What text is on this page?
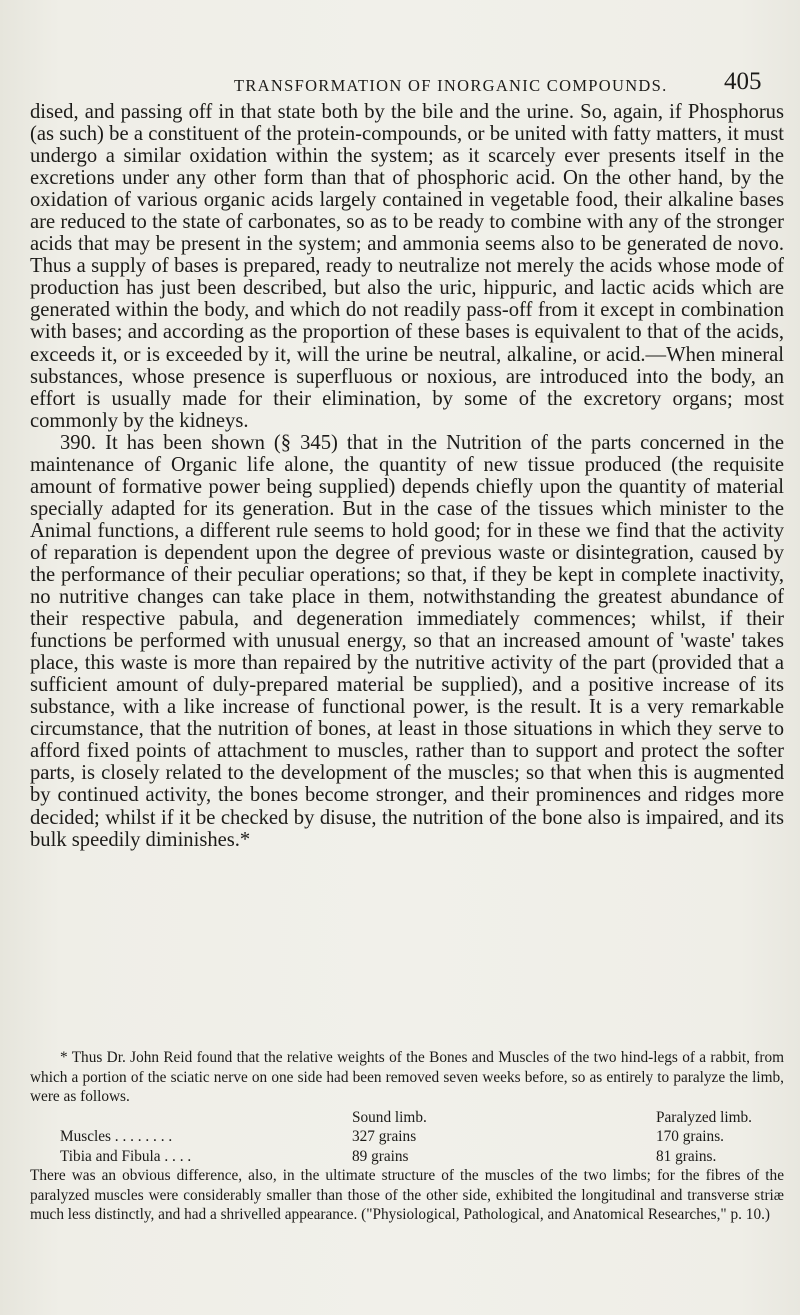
TRANSFORMATION OF INORGANIC COMPOUNDS. 405

dised, and passing off in that state both by the bile and the urine. So, again, if Phosphorus (as such) be a constituent of the protein-compounds, or be united with fatty matters, it must undergo a similar oxidation within the system; as it scarcely ever presents itself in the excretions under any other form than that of phosphoric acid. On the other hand, by the oxidation of various organic acids largely contained in vegetable food, their alkaline bases are reduced to the state of carbonates, so as to be ready to combine with any of the stronger acids that may be present in the system; and ammonia seems also to be generated de novo. Thus a supply of bases is prepared, ready to neutralize not merely the acids whose mode of production has just been described, but also the uric, hippuric, and lactic acids which are generated within the body, and which do not readily pass-off from it except in combination with bases; and according as the proportion of these bases is equivalent to that of the acids, exceeds it, or is exceeded by it, will the urine be neutral, alkaline, or acid.—When mineral substances, whose presence is superfluous or noxious, are introduced into the body, an effort is usually made for their elimination, by some of the excretory organs; most commonly by the kidneys.

390. It has been shown (§ 345) that in the Nutrition of the parts concerned in the maintenance of Organic life alone, the quantity of new tissue produced (the requisite amount of formative power being supplied) depends chiefly upon the quantity of material specially adapted for its generation. But in the case of the tissues which minister to the Animal functions, a different rule seems to hold good; for in these we find that the activity of reparation is dependent upon the degree of previous waste or disintegration, caused by the performance of their peculiar operations; so that, if they be kept in complete inactivity, no nutritive changes can take place in them, notwithstanding the greatest abundance of their respective pabula, and degeneration immediately commences; whilst, if their functions be performed with unusual energy, so that an increased amount of 'waste' takes place, this waste is more than repaired by the nutritive activity of the part (provided that a sufficient amount of duly-prepared material be supplied), and a positive increase of its substance, with a like increase of functional power, is the result. It is a very remarkable circumstance, that the nutrition of bones, at least in those situations in which they serve to afford fixed points of attachment to muscles, rather than to support and protect the softer parts, is closely related to the development of the muscles; so that when this is augmented by continued activity, the bones become stronger, and their prominences and ridges more decided; whilst if it be checked by disuse, the nutrition of the bone also is impaired, and its bulk speedily diminishes.*

* Thus Dr. John Reid found that the relative weights of the Bones and Muscles of the two hind-legs of a rabbit, from which a portion of the sciatic nerve on one side had been removed seven weeks before, so as entirely to paralyze the limb, were as follows.

	Sound limb.	Paralyzed limb.
Muscles . . . . . . . .	327 grains	170 grains.
Tibia and Fibula . . . .	89 grains	81 grains.

There was an obvious difference, also, in the ultimate structure of the muscles of the two limbs; for the fibres of the paralyzed muscles were considerably smaller than those of the other side, exhibited the longitudinal and transverse striæ much less distinctly, and had a shrivelled appearance. ("Physiological, Pathological, and Anatomical Researches," p. 10.)
